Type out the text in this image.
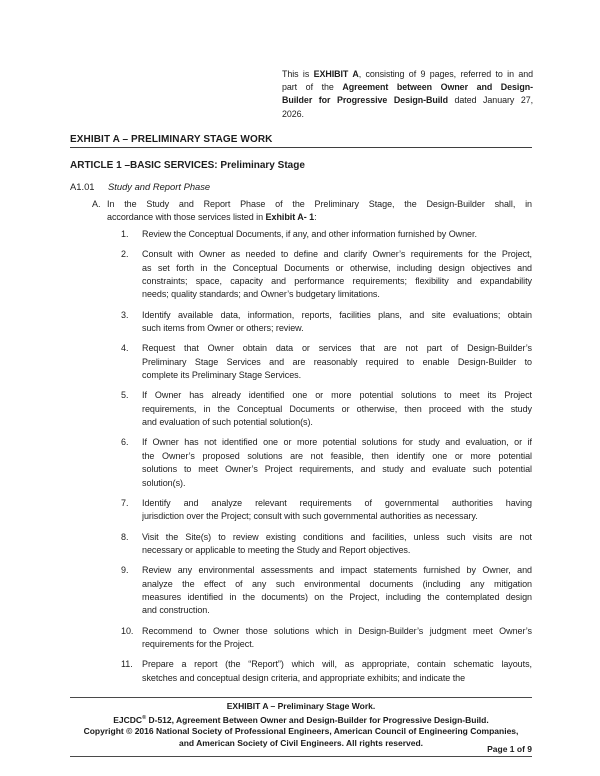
This is EXHIBIT A, consisting of 9 pages, referred to in and
part of the Agreement between Owner and Design-
Builder for Progressive Design-Build dated January 27,
2026.
EXHIBIT A – PRELIMINARY STAGE WORK
ARTICLE 1 –BASIC SERVICES: Preliminary Stage
A1.01 Study and Report Phase
A. In the Study and Report Phase of the Preliminary Stage, the Design-Builder shall, in
accordance with those services listed in Exhibit A- 1:
1.	Review the Conceptual Documents, if any, and other information furnished by Owner.
2.	Consult with Owner as needed to define and clarify Owner’s requirements for the Project,
as set forth in the Conceptual Documents or otherwise, including design objectives and
constraints; space, capacity and performance requirements; flexibility and expandability
needs; quality standards; and Owner’s budgetary limitations.
3.	Identify available data, information, reports, facilities plans, and site evaluations; obtain
such items from Owner or others; review.
4.	Request that Owner obtain data or services that are not part of Design-Builder’s
Preliminary Stage Services and are reasonably required to enable Design-Builder to
complete its Preliminary Stage Services.
5.	If Owner has already identified one or more potential solutions to meet its Project
requirements, in the Conceptual Documents or otherwise, then proceed with the study
and evaluation of such potential solution(s).
6.	If Owner has not identified one or more potential solutions for study and evaluation, or if
the Owner’s proposed solutions are not feasible, then identify one or more potential
solutions to meet Owner’s Project requirements, and study and evaluate such potential
solution(s).
7.	Identify and analyze relevant requirements of governmental authorities having
jurisdiction over the Project; consult with such governmental authorities as necessary.
8.	Visit the Site(s) to review existing conditions and facilities, unless such visits are not
necessary or applicable to meeting the Study and Report objectives.
9.	Review any environmental assessments and impact statements furnished by Owner, and
analyze the effect of any such environmental documents (including any mitigation
measures identified in the documents) on the Project, including the contemplated design
and construction.
10. Recommend to Owner those solutions which in Design-Builder’s judgment meet Owner’s
requirements for the Project.
11.	Prepare a report (the “Report”) which will, as appropriate, contain schematic layouts,
sketches and conceptual design criteria, and appropriate exhibits; and indicate the
EXHIBIT A – Preliminary Stage Work.
EJCDC® D-512, Agreement Between Owner and Design-Builder for Progressive Design-Build.
Copyright © 2016 National Society of Professional Engineers, American Council of Engineering Companies,
and American Society of Civil Engineers. All rights reserved.
Page 1 of 9
